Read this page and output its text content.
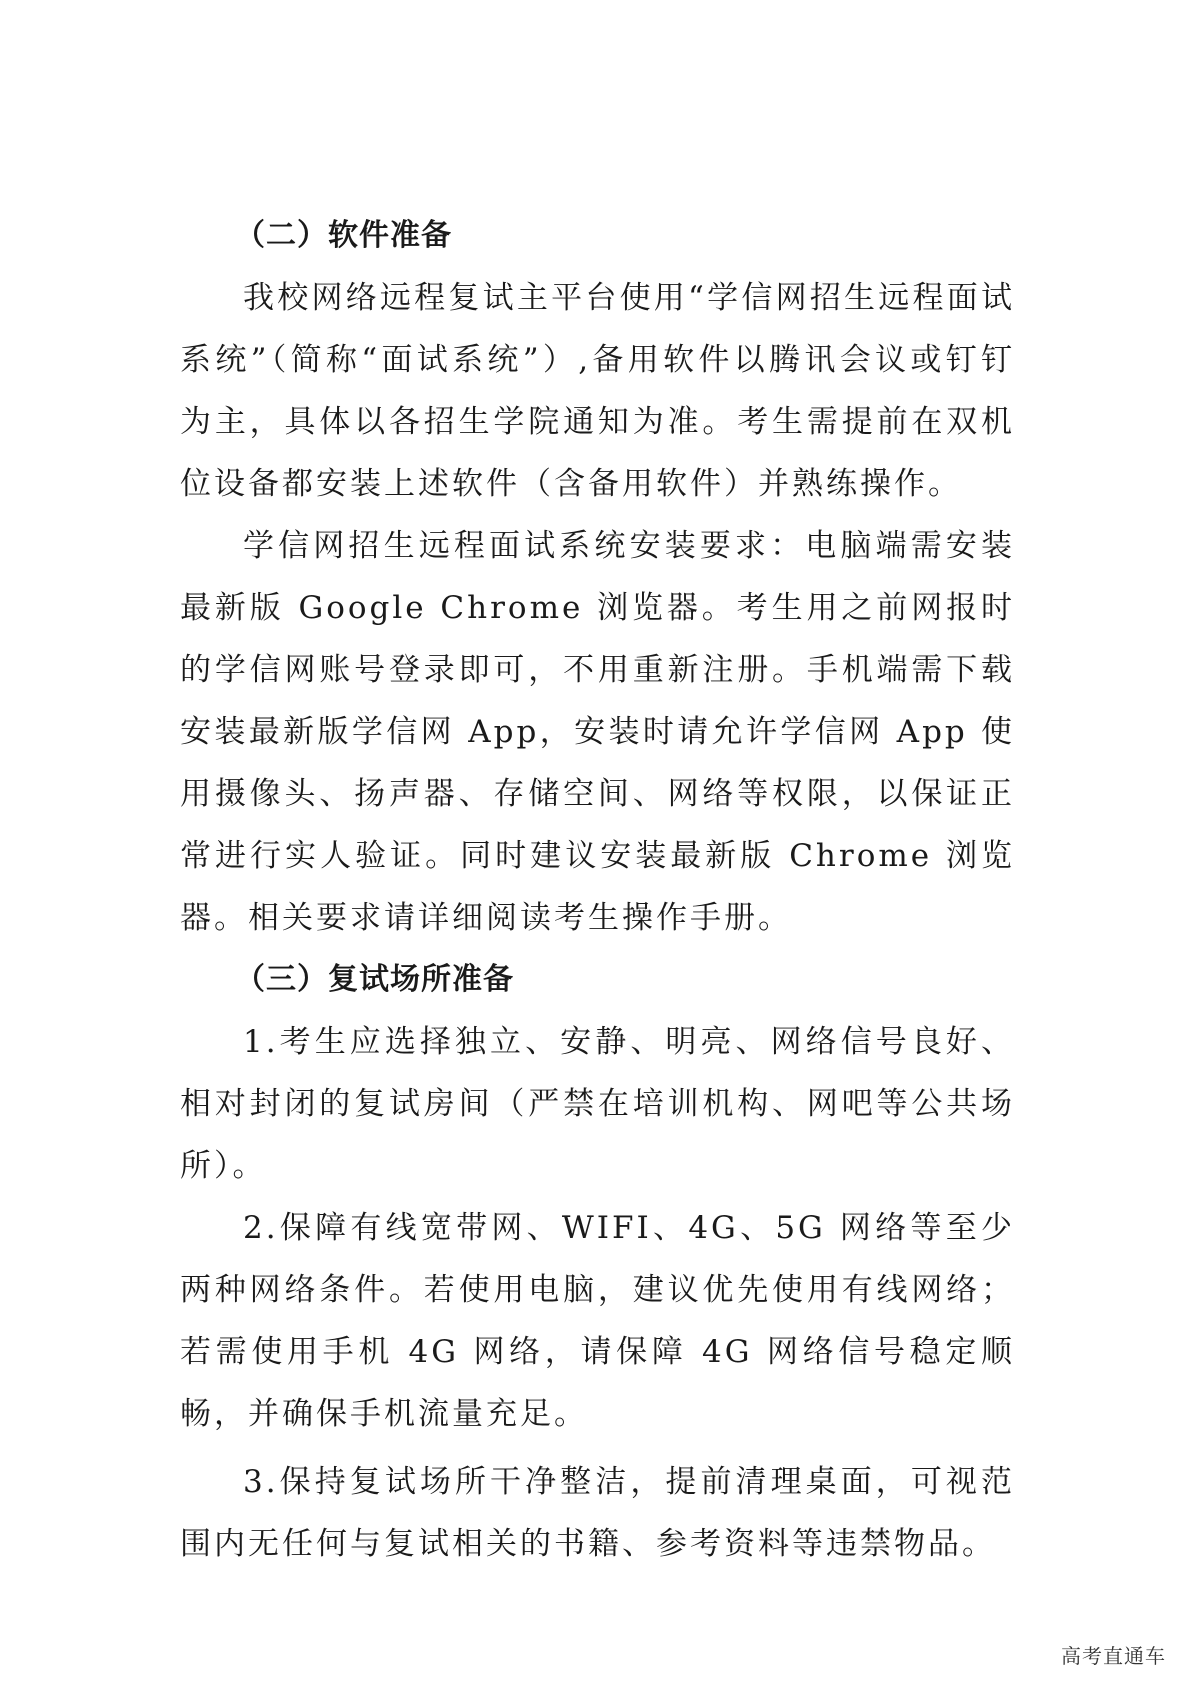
（二）软件准备

我校网络远程复试主平台使用“学信网招生远程面试系统”（简称“面试系统”）,备用软件以腾讯会议或钉钉为主，具体以各招生学院通知为准。考生需提前在双机位设备都安装上述软件（含备用软件）并熟练操作。

学信网招生远程面试系统安装要求：电脑端需安装最新版 Google Chrome 浏览器。考生用之前网报时的学信网账号登录即可，不用重新注册。手机端需下载安装最新版学信网 App，安装时请允许学信网 App 使用摄像头、扬声器、存储空间、网络等权限，以保证正常进行实人验证。同时建议安装最新版 Chrome 浏览器。相关要求请详细阅读考生操作手册。

（三）复试场所准备

1.考生应选择独立、安静、明亮、网络信号良好、相对封闭的复试房间（严禁在培训机构、网吧等公共场所）。

2.保障有线宽带网、WIFI、4G、5G 网络等至少两种网络条件。若使用电脑，建议优先使用有线网络；若需使用手机 4G 网络，请保障 4G 网络信号稳定顺畅，并确保手机流量充足。

3.保持复试场所干净整洁，提前清理桌面，可视范围内无任何与复试相关的书籍、参考资料等违禁物品。

高考直通车
